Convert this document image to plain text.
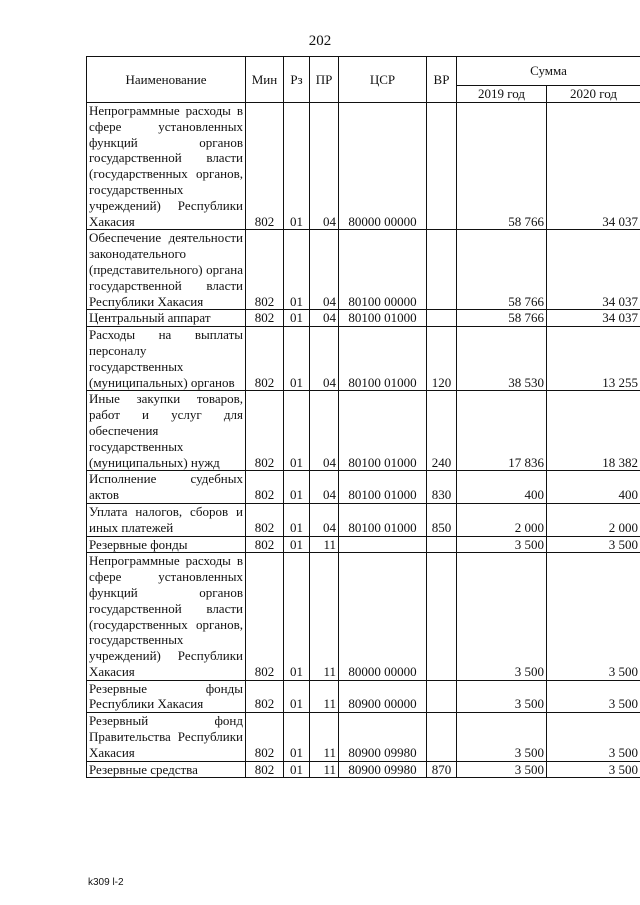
202
Наименование	Мин	Рз	ПР	ЦСР	ВР	Сумма	
						2019 год	2020 год
Непрограммные расходы в сфере установленных функций органов государственной власти (государственных органов, государственных учреждений) Республики Хакасия	802	01	04	80000 00000		58 766	34 037
Обеспечение деятельности законодательного (представительного) органа государственной власти Республики Хакасия	802	01	04	80100 00000		58 766	34 037
Центральный аппарат	802	01	04	80100 01000		58 766	34 037
Расходы на выплаты персоналу государственных (муниципальных) органов	802	01	04	80100 01000	120	38 530	13 255
Иные закупки товаров, работ и услуг для обеспечения государственных (муниципальных) нужд	802	01	04	80100 01000	240	17 836	18 382
Исполнение судебных актов	802	01	04	80100 01000	830	400	400
Уплата налогов, сборов и иных платежей	802	01	04	80100 01000	850	2 000	2 000
Резервные фонды	802	01	11			3 500	3 500
Непрограммные расходы в сфере установленных функций органов государственной власти (государственных органов, государственных учреждений) Республики Хакасия	802	01	11	80000 00000		3 500	3 500
Резервные фонды Республики Хакасия	802	01	11	80900 00000		3 500	3 500
Резервный фонд Правительства Республики Хакасия	802	01	11	80900 09980		3 500	3 500
Резервные средства	802	01	11	80900 09980	870	3 500	3 500
k309 l-2
